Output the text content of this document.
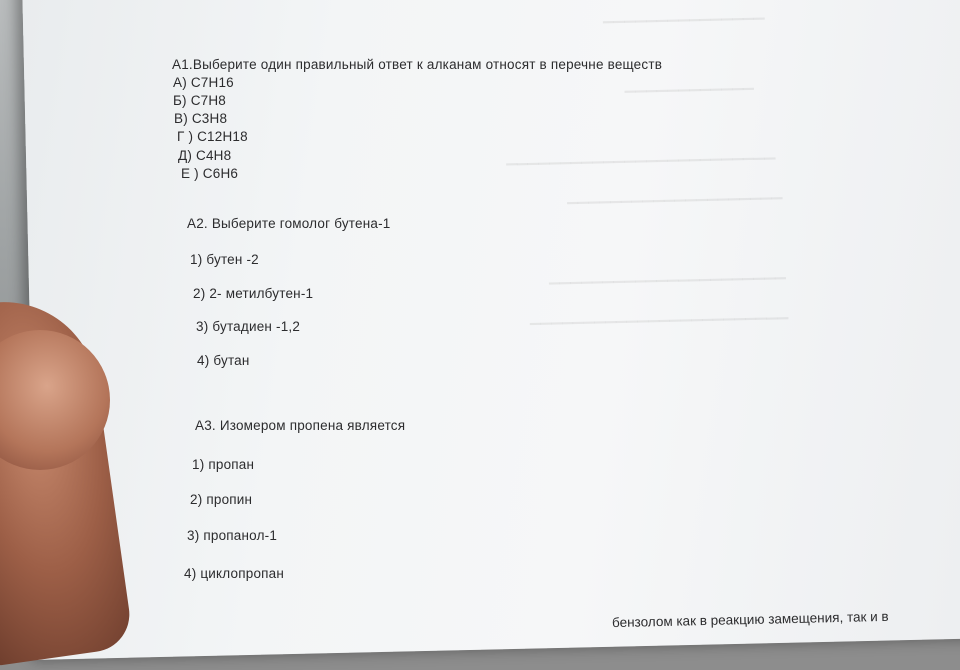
▁▁▁▁▁▁▁▁▁▁▁▁▁▁▁
▁▁▁▁▁▁▁▁▁▁▁▁
▁▁▁▁▁▁▁▁▁▁▁▁▁▁▁▁▁▁▁▁▁▁▁▁▁
▁▁▁▁▁▁▁▁▁▁▁▁▁▁▁▁▁▁▁▁
▁▁▁▁▁▁▁▁▁▁▁▁▁▁▁▁▁▁▁▁▁▁
▁▁▁▁▁▁▁▁▁▁▁▁▁▁▁▁▁▁▁▁▁▁▁▁
А1.Выберите один правильный ответ к алканам относят в перечне веществ
А) C7H16
Б) C7H8
В) C3H8
Г ) C12H18
Д) C4H8
Е ) C6H6
А2. Выберите гомолог бутена-1
1) бутен -2
2) 2- метилбутен-1
3) бутадиен -1,2
4) бутан
А3. Изомером пропена является
1) пропан
2) пропин
3) пропанол-1
4) циклопропан
бензолом как в реакцию замещения, так и в
